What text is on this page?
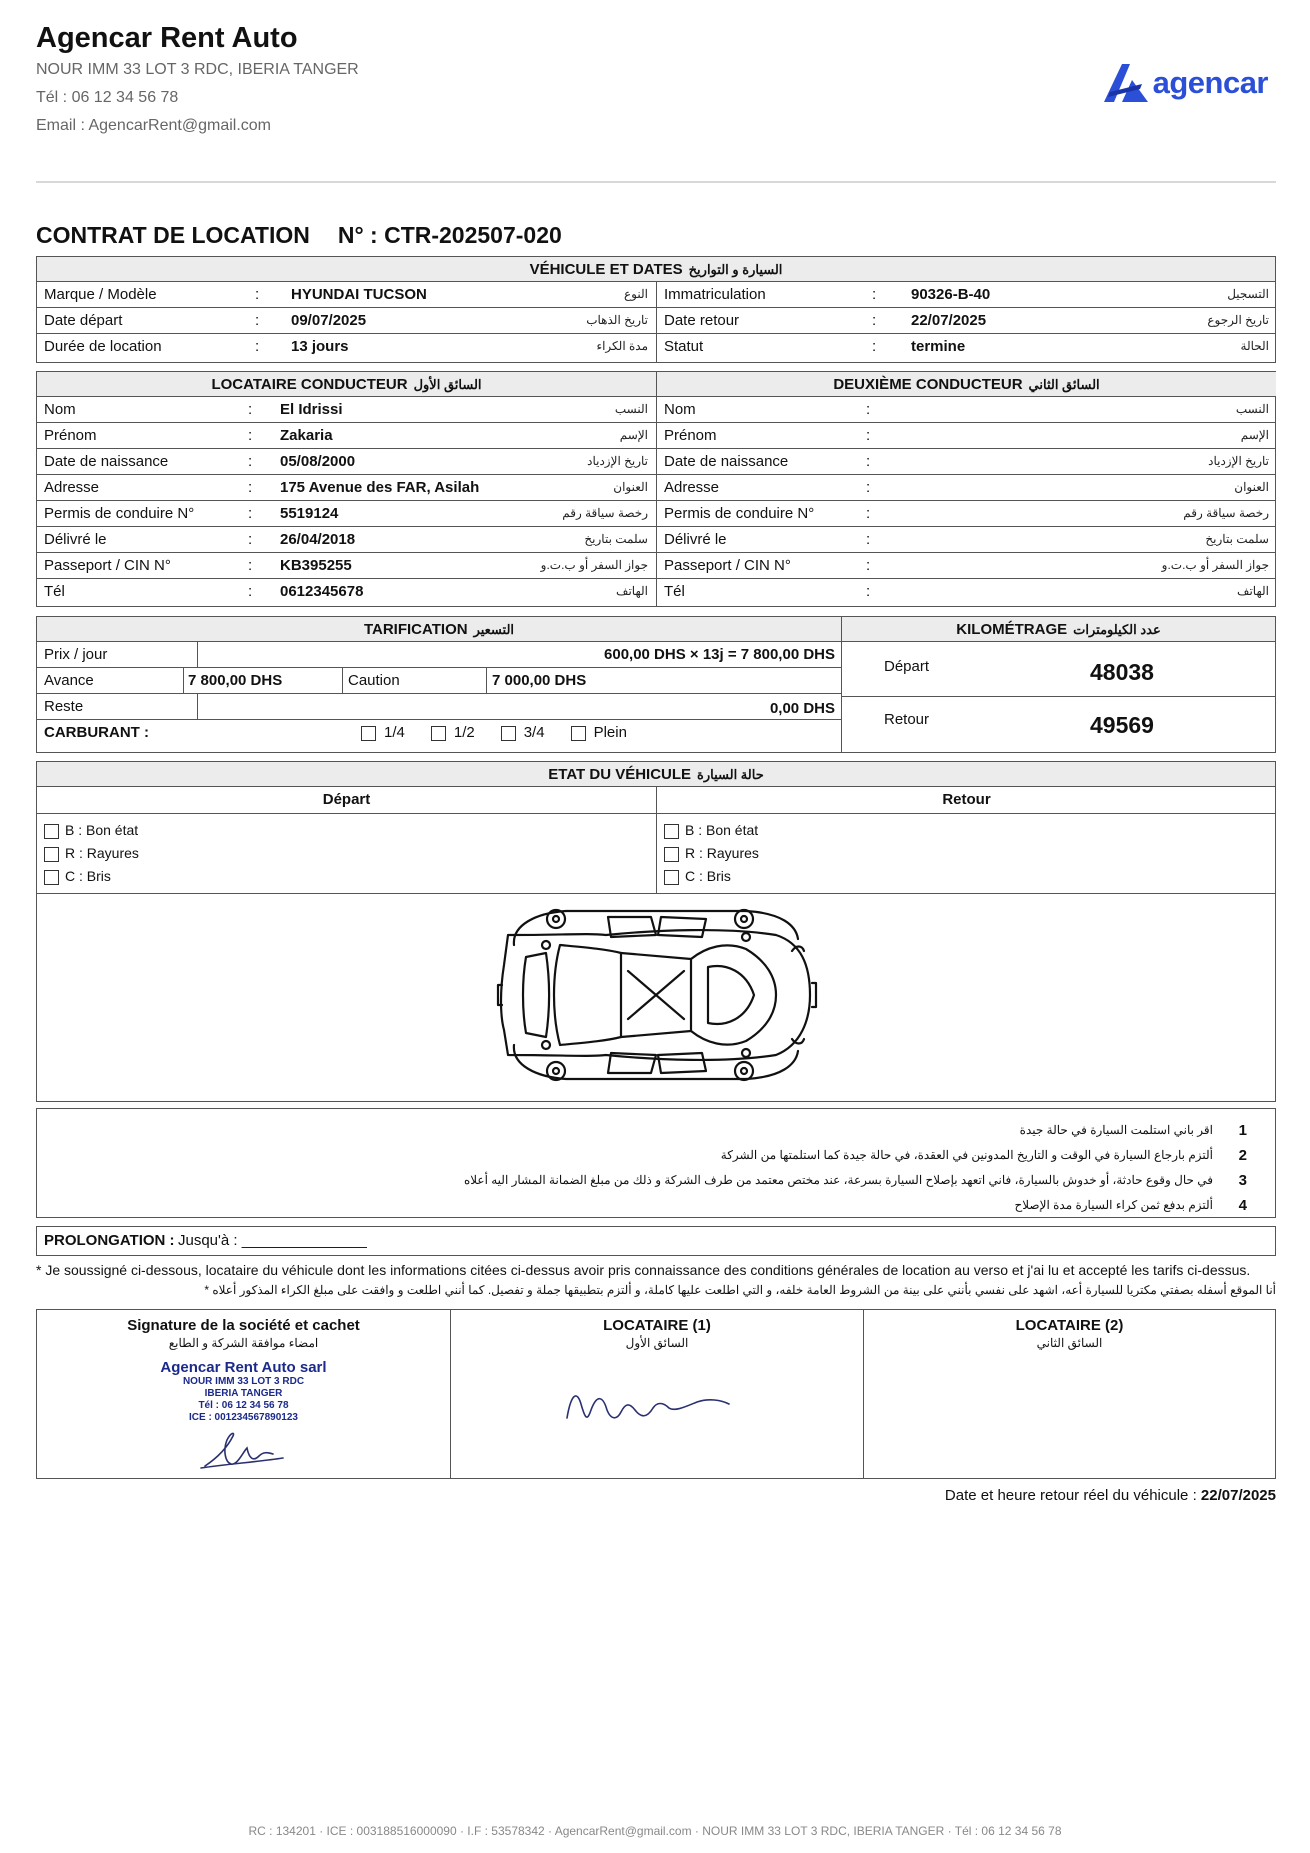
Agencar Rent Auto
NOUR IMM 33 LOT 3 RDC, IBERIA TANGER
Tél : 06 12 34 56 78
Email : AgencarRent@gmail.com
agencar
CONTRAT DE LOCATION N° : CTR-202507-020
VÉHICULE ET DATES السيارة و التواريخ
Marque / Modèle	:	HYUNDAI TUCSON	النوع Immatriculation	:	90326-B-40	التسجيل
Date départ	:	09/07/2025	تاريخ الذهاب Date retour	:	22/07/2025	تاريخ الرجوع
Durée de location	:	13 jours	مدة الكراء Statut	:	termine	الحالة
LOCATAIRE CONDUCTEUR السائق الأول	DEUXIÈME CONDUCTEUR السائق الثاني
Nom	:	El Idrissi	النسب Nom	:	النسب
Prénom	:	Zakaria	الإسم Prénom	:	الإسم
Date de naissance	:	05/08/2000	تاريخ الإزدياد Date de naissance	:	تاريخ الإزدياد
Adresse	:	175 Avenue des FAR, Asilah	العنوان Adresse	:	العنوان
Permis de conduire N°	:	5519124	رخصة سياقة رقم Permis de conduire N°	:	رخصة سياقة رقم
Délivré le	:	26/04/2018	سلمت بتاريخ Délivré le	:	سلمت بتاريخ
Passeport / CIN N°	:	KB395255	جواز السفر أو ب.ت.و Passeport / CIN N°	:	جواز السفر أو ب.ت.و
Tél	:	0612345678	الهاتف Tél	:	الهاتف
TARIFICATION التسعير
Prix / jour	600,00 DHS × 13j = 7 800,00 DHS
Avance	7 800,00 DHS	Caution	7 000,00 DHS
Reste	0,00 DHS
CARBURANT :	1/4	1/2	3/4	Plein
KILOMÉTRAGE عدد الكيلومترات
Départ	48038
Retour	49569
ETAT DU VÉHICULE حالة السيارة
Départ	Retour
B : Bon état
R : Rayures
C : Bris
B : Bon état
R : Rayures
C : Bris
1
اقر باني استلمت السيارة في حالة جيدة
2
ألتزم بارجاع السيارة في الوقت و التاريخ المدونين في العقدة، في حالة جيدة كما استلمتها من الشركة
3
في حال وقوع حادثة، أو خدوش بالسيارة، فاني اتعهد بإصلاح السيارة بسرعة، عند مختص معتمد من طرف الشركة و ذلك من مبلغ الضمانة المشار اليه أعلاه
4
ألتزم بدفع ثمن كراء السيارة مدة الإصلاح
PROLONGATION : Jusqu'à : _______________
* Je soussigné ci-dessous, locataire du véhicule dont les informations citées ci-dessus avoir pris connaissance des conditions générales de location au verso et j'ai lu et accepté les tarifs ci-dessus.
أنا الموقع أسفله بصفتي مكتريا للسيارة أعه، اشهد على نفسي بأنني على بينة من الشروط العامة خلفه، و التي اطلعت عليها كاملة، و ألتزم بتطبيقها جملة و تفصيل. كما أنني اطلعت و وافقت على مبلغ الكراء المذكور أعلاه *
Signature de la société et cachet
امضاء موافقة الشركة و الطابع
Agencar Rent Auto sarl
NOUR IMM 33 LOT 3 RDC
IBERIA TANGER
Tél : 06 12 34 56 78
ICE : 001234567890123
LOCATAIRE (1)
السائق الأول
LOCATAIRE (2)
السائق الثاني
Date et heure retour réel du véhicule : 22/07/2025
RC : 134201 · ICE : 003188516000090 · I.F : 53578342 · AgencarRent@gmail.com · NOUR IMM 33 LOT 3 RDC, IBERIA TANGER · Tél : 06 12 34 56 78
